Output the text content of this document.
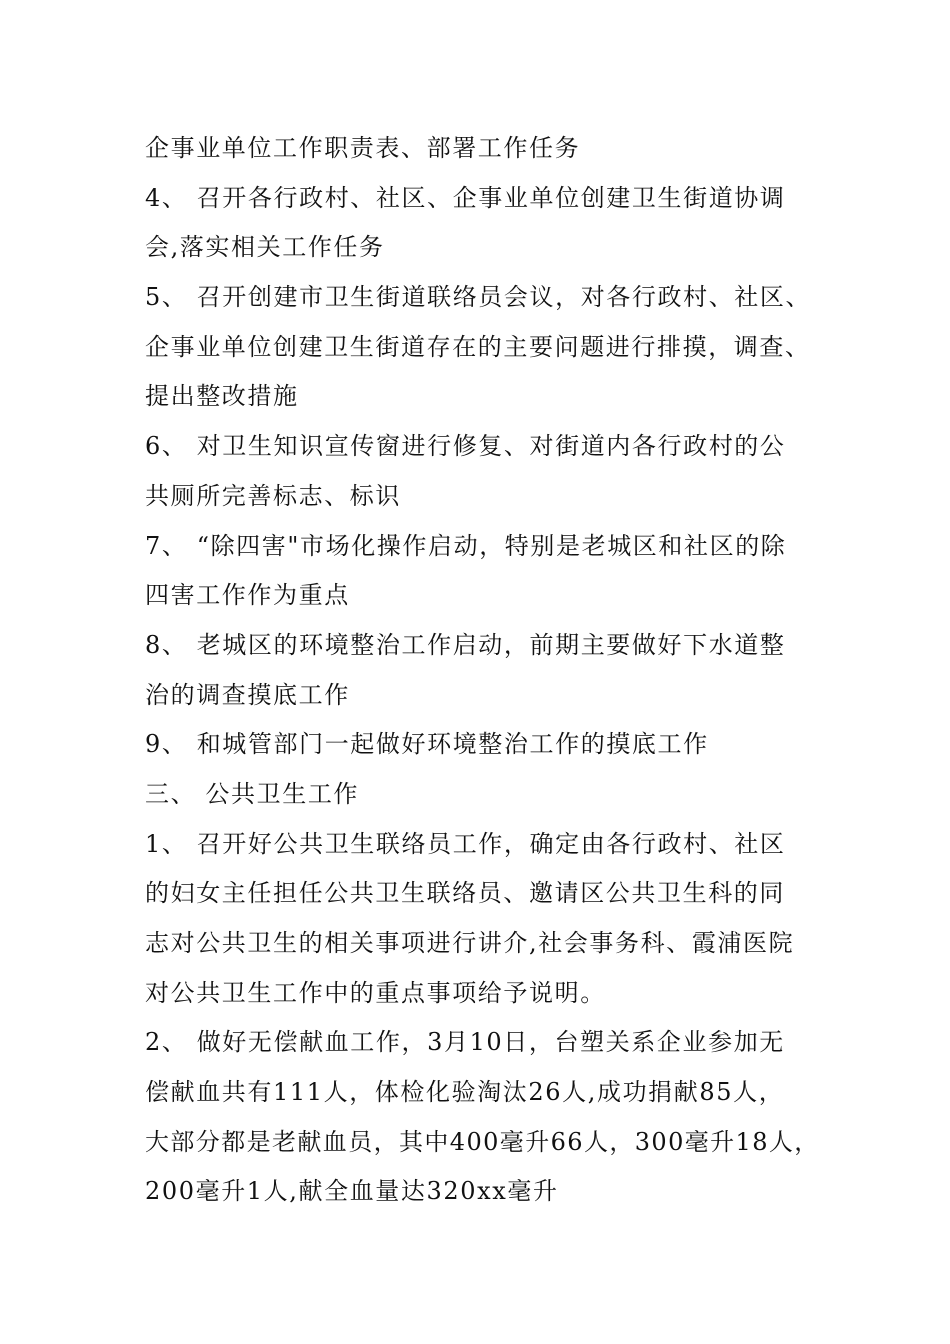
企事业单位工作职责表、部署工作任务
4、 召开各行政村、社区、企事业单位创建卫生街道协调
会,落实相关工作任务
5、 召开创建市卫生街道联络员会议，对各行政村、社区、
企事业单位创建卫生街道存在的主要问题进行排摸，调查、
提出整改措施
6、 对卫生知识宣传窗进行修复、对街道内各行政村的公
共厕所完善标志、标识
7、 “除四害"市场化操作启动，特别是老城区和社区的除
四害工作作为重点
8、 老城区的环境整治工作启动，前期主要做好下水道整
治的调查摸底工作
9、 和城管部门一起做好环境整治工作的摸底工作
三、 公共卫生工作
1、 召开好公共卫生联络员工作，确定由各行政村、社区
的妇女主任担任公共卫生联络员、邀请区公共卫生科的同
志对公共卫生的相关事项进行讲介,社会事务科、霞浦医院
对公共卫生工作中的重点事项给予说明。
2、 做好无偿献血工作，3月10日，台塑关系企业参加无
偿献血共有111人，体检化验淘汰26人,成功捐献85人，
大部分都是老献血员，其中400毫升66人，300毫升18人，
200毫升1人,献全血量达320xx毫升
